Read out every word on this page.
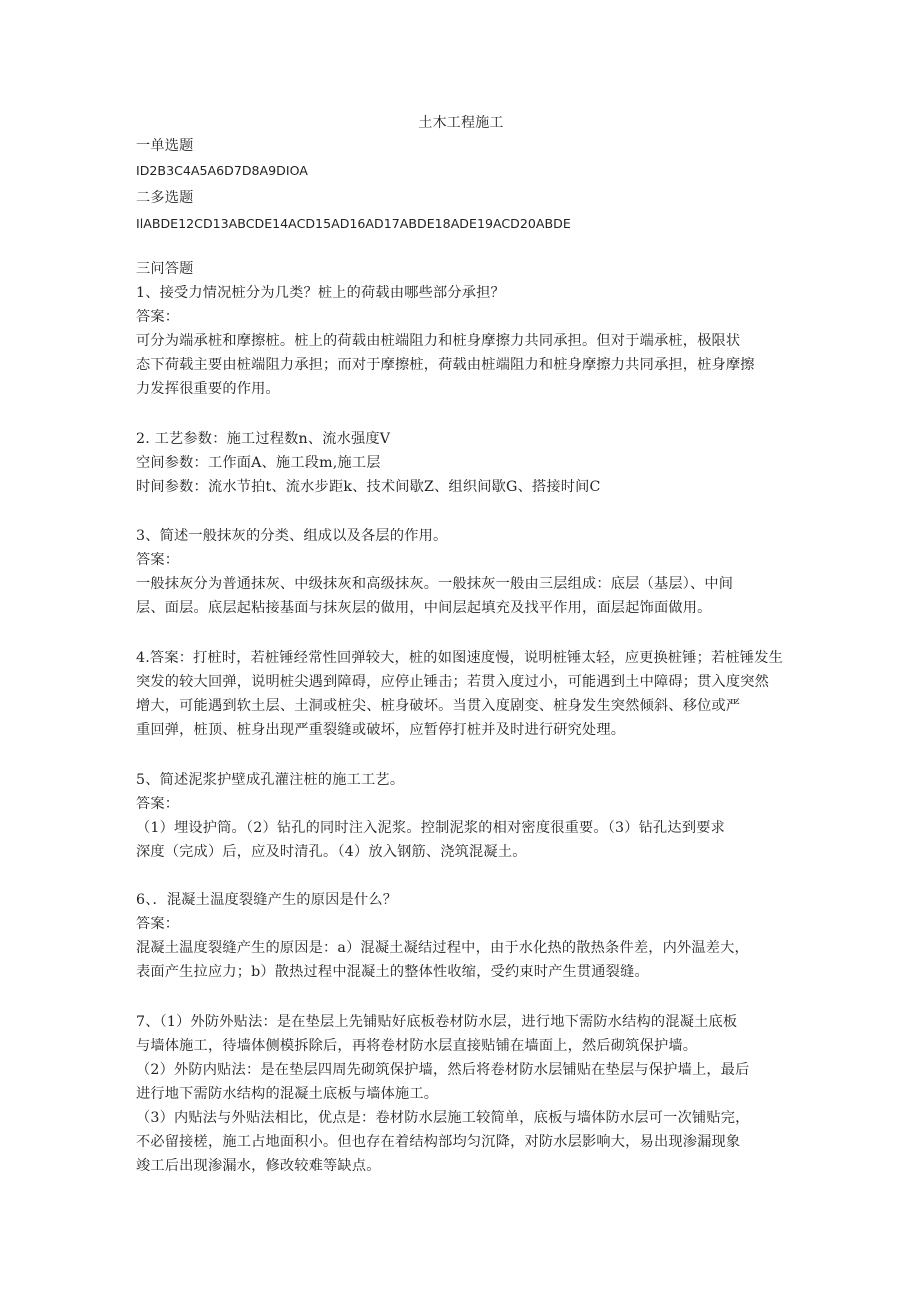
土木工程施工
一单选题
ID2B3C4A5A6D7D8A9DIOA
二多选题
IlABDE12CD13ABCDE14ACD15AD16AD17ABDE18ADE19ACD20ABDE
三问答题
1、接受力情况桩分为几类？桩上的荷载由哪些部分承担？
答案：
可分为端承桩和摩擦桩。桩上的荷载由桩端阻力和桩身摩擦力共同承担。但对于端承桩，极限状
态下荷载主要由桩端阻力承担；而对于摩擦桩，荷载由桩端阻力和桩身摩擦力共同承担，桩身摩擦
力发挥很重要的作用。
2. 工艺参数：施工过程数n、流水强度V
空间参数：工作面A、施工段m,施工层
时间参数：流水节拍t、流水步距k、技术间歇Z、组织间歇G、搭接时间C
3、简述一般抹灰的分类、组成以及各层的作用。
答案：
一般抹灰分为普通抹灰、中级抹灰和高级抹灰。一般抹灰一般由三层组成：底层（基层）、中间
层、面层。底层起粘接基面与抹灰层的做用，中间层起填充及找平作用，面层起饰面做用。
4.答案：打桩时，若桩锤经常性回弹较大，桩的如图速度慢，说明桩锤太轻，应更换桩锤；若桩锤发生
突发的较大回弹，说明桩尖遇到障碍，应停止锤击；若贯入度过小，可能遇到土中障碍；贯入度突然
增大，可能遇到软土层、土洞或桩尖、桩身破坏。当贯入度剧变、桩身发生突然倾斜、移位或严
重回弹，桩顶、桩身出现严重裂缝或破坏，应暂停打桩并及时进行研究处理。
5、简述泥浆护壁成孔灌注桩的施工工艺。
答案：
（1）埋设护筒。（2）钻孔的同时注入泥浆。控制泥浆的相对密度很重要。（3）钻孔达到要求
深度（完成）后，应及时清孔。（4）放入钢筋、浇筑混凝土。
6、．混凝土温度裂缝产生的原因是什么？
答案：
混凝土温度裂缝产生的原因是：a）混凝土凝结过程中，由于水化热的散热条件差，内外温差大，
表面产生拉应力；b）散热过程中混凝土的整体性收缩，受约束时产生贯通裂缝。
7、（1）外防外贴法：是在垫层上先铺贴好底板卷材防水层，进行地下需防水结构的混凝土底板
与墙体施工，待墙体侧模拆除后，再将卷材防水层直接贴铺在墙面上，然后砌筑保护墙。
（2）外防内贴法：是在垫层四周先砌筑保护墙，然后将卷材防水层铺贴在垫层与保护墙上，最后
进行地下需防水结构的混凝土底板与墙体施工。
（3）内贴法与外贴法相比，优点是：卷材防水层施工较简单，底板与墙体防水层可一次铺贴完，
不必留接槎，施工占地面积小。但也存在着结构部均匀沉降，对防水层影响大，易出现渗漏现象
竣工后出现渗漏水，修改较难等缺点。
